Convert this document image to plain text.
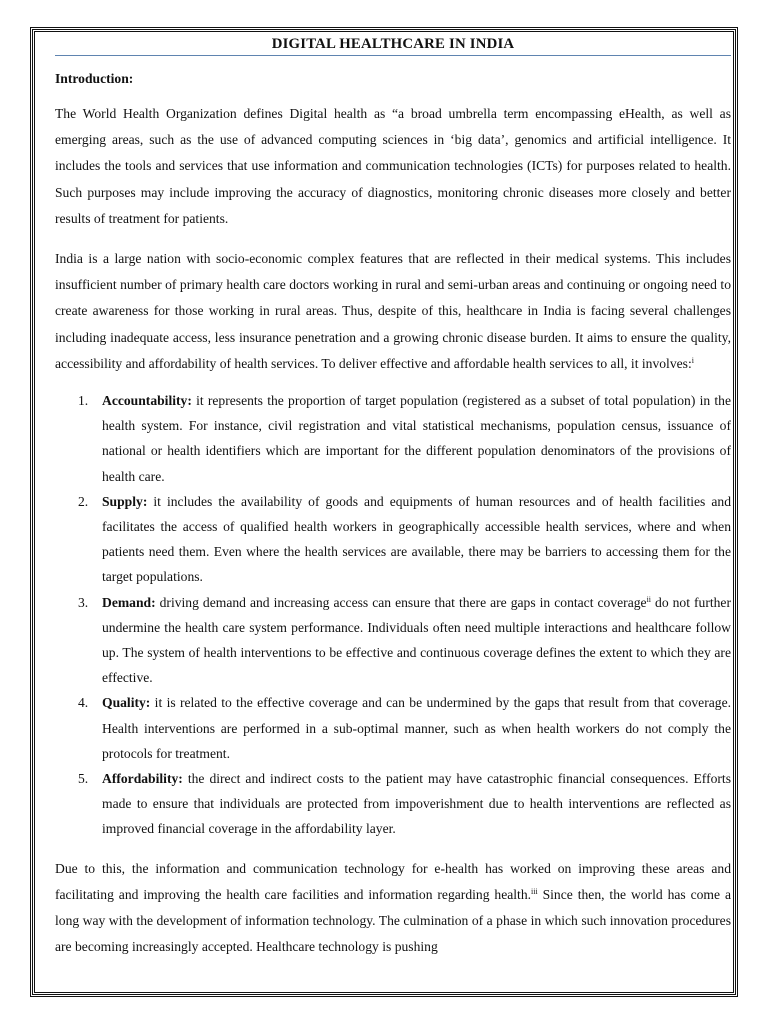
DIGITAL HEALTHCARE IN INDIA
Introduction:

The World Health Organization defines Digital health as “a broad umbrella term encompassing eHealth, as well as emerging areas, such as the use of advanced computing sciences in ‘big data’, genomics and artificial intelligence. It includes the tools and services that use information and communication technologies (ICTs) for purposes related to health. Such purposes may include improving the accuracy of diagnostics, monitoring chronic diseases more closely and better results of treatment for patients.

India is a large nation with socio-economic complex features that are reflected in their medical systems. This includes insufficient number of primary health care doctors working in rural and semi-urban areas and continuing or ongoing need to create awareness for those working in rural areas. Thus, despite of this, healthcare in India is facing several challenges including inadequate access, less insurance penetration and a growing chronic disease burden. It aims to ensure the quality, accessibility and affordability of health services. To deliver effective and affordable health services to all, it involves:$^i$

1. Accountability: it represents the proportion of target population (registered as a subset of total population) in the health system. For instance, civil registration and vital statistical mechanisms, population census, issuance of national or health identifiers which are important for the different population denominators of the provisions of health care.
2. Supply: it includes the availability of goods and equipments of human resources and of health facilities and facilitates the access of qualified health workers in geographically accessible health services, where and when patients need them. Even where the health services are available, there may be barriers to accessing them for the target populations.
3. Demand: driving demand and increasing access can ensure that there are gaps in contact coverage$^{ii}$ do not further undermine the health care system performance. Individuals often need multiple interactions and healthcare follow up. The system of health interventions to be effective and continuous coverage defines the extent to which they are effective.
4. Quality: it is related to the effective coverage and can be undermined by the gaps that result from that coverage. Health interventions are performed in a sub-optimal manner, such as when health workers do not comply the protocols for treatment.
5. Affordability: the direct and indirect costs to the patient may have catastrophic financial consequences. Efforts made to ensure that individuals are protected from impoverishment due to health interventions are reflected as improved financial coverage in the affordability layer.

Due to this, the information and communication technology for e-health has worked on improving these areas and facilitating and improving the health care facilities and information regarding health.$^{iii}$ Since then, the world has come a long way with the development of information technology. The culmination of a phase in which such innovation procedures are becoming increasingly accepted. Healthcare technology is pushing
